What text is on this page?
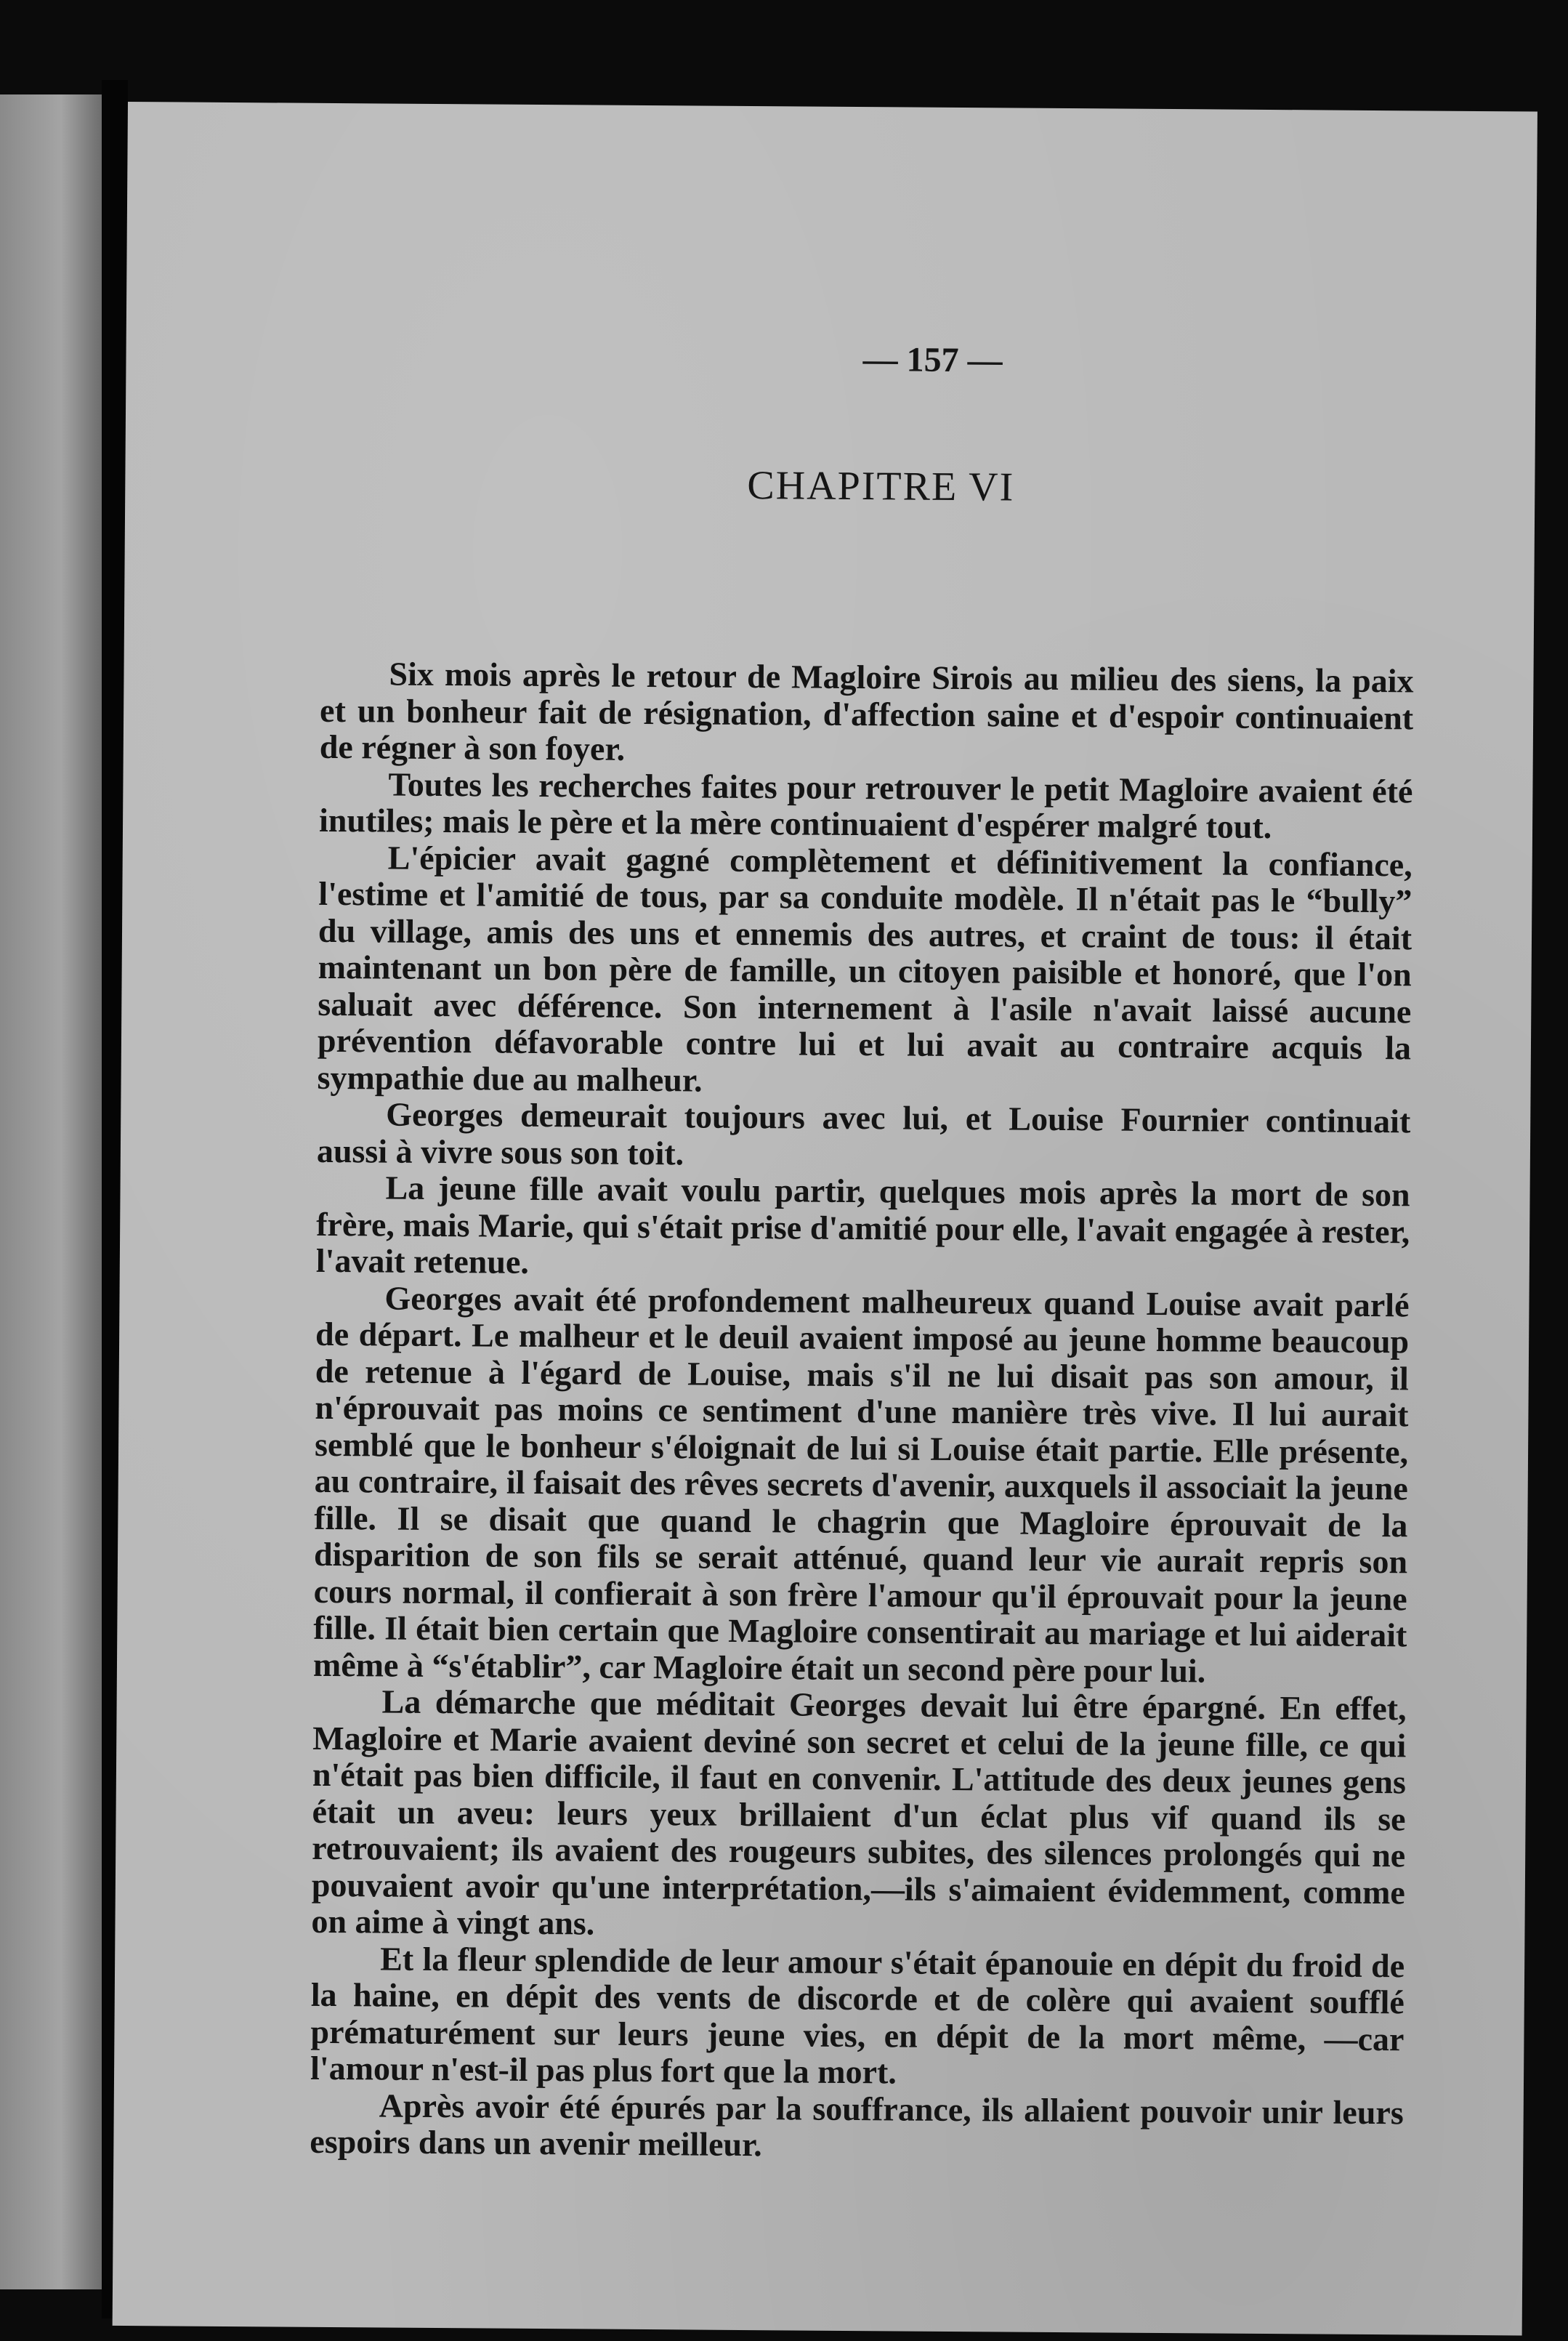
— 157 —
CHAPITRE VI

Six mois après le retour de Magloire Sirois au milieu des siens, la paix et un bonheur fait de résignation, d'affection saine et d'espoir continuaient de régner à son foyer.

Toutes les recherches faites pour retrouver le petit Magloire avaient été inutiles; mais le père et la mère continuaient d'espérer malgré tout.

L'épicier avait gagné complètement et définitivement la confiance, l'estime et l'amitié de tous, par sa conduite modèle. Il n'était pas le “bully” du village, amis des uns et ennemis des autres, et craint de tous: il était maintenant un bon père de famille, un citoyen paisible et honoré, que l'on saluait avec déférence. Son internement à l'asile n'avait laissé aucune prévention défavorable contre lui et lui avait au contraire acquis la sympathie due au malheur.

Georges demeurait toujours avec lui, et Louise Fournier continuait aussi à vivre sous son toit.

La jeune fille avait voulu partir, quelques mois après la mort de son frère, mais Marie, qui s'était prise d'amitié pour elle, l'avait engagée à rester, l'avait retenue.

Georges avait été profondement malheureux quand Louise avait parlé de départ. Le malheur et le deuil avaient imposé au jeune homme beaucoup de retenue à l'égard de Louise, mais s'il ne lui disait pas son amour, il n'éprouvait pas moins ce sentiment d'une manière très vive. Il lui aurait semblé que le bonheur s'éloignait de lui si Louise était partie. Elle présente, au contraire, il faisait des rêves secrets d'avenir, auxquels il associait la jeune fille. Il se disait que quand le chagrin que Magloire éprouvait de la disparition de son fils se serait atténué, quand leur vie aurait repris son cours normal, il confierait à son frère l'amour qu'il éprouvait pour la jeune fille. Il était bien certain que Magloire consentirait au mariage et lui aiderait même à “s'établir”, car Magloire était un second père pour lui.

La démarche que méditait Georges devait lui être épargné. En effet, Magloire et Marie avaient deviné son secret et celui de la jeune fille, ce qui n'était pas bien difficile, il faut en convenir. L'attitude des deux jeunes gens était un aveu: leurs yeux brillaient d'un éclat plus vif quand ils se retrouvaient; ils avaient des rougeurs subites, des silences prolongés qui ne pouvaient avoir qu'une interprétation,—ils s'aimaient évidemment, comme on aime à vingt ans.

Et la fleur splendide de leur amour s'était épanouie en dépit du froid de la haine, en dépit des vents de discorde et de colère qui avaient soufflé prématurément sur leurs jeune vies, en dépit de la mort même, —car l'amour n'est-il pas plus fort que la mort.

Après avoir été épurés par la souffrance, ils allaient pouvoir unir leurs espoirs dans un avenir meilleur.
